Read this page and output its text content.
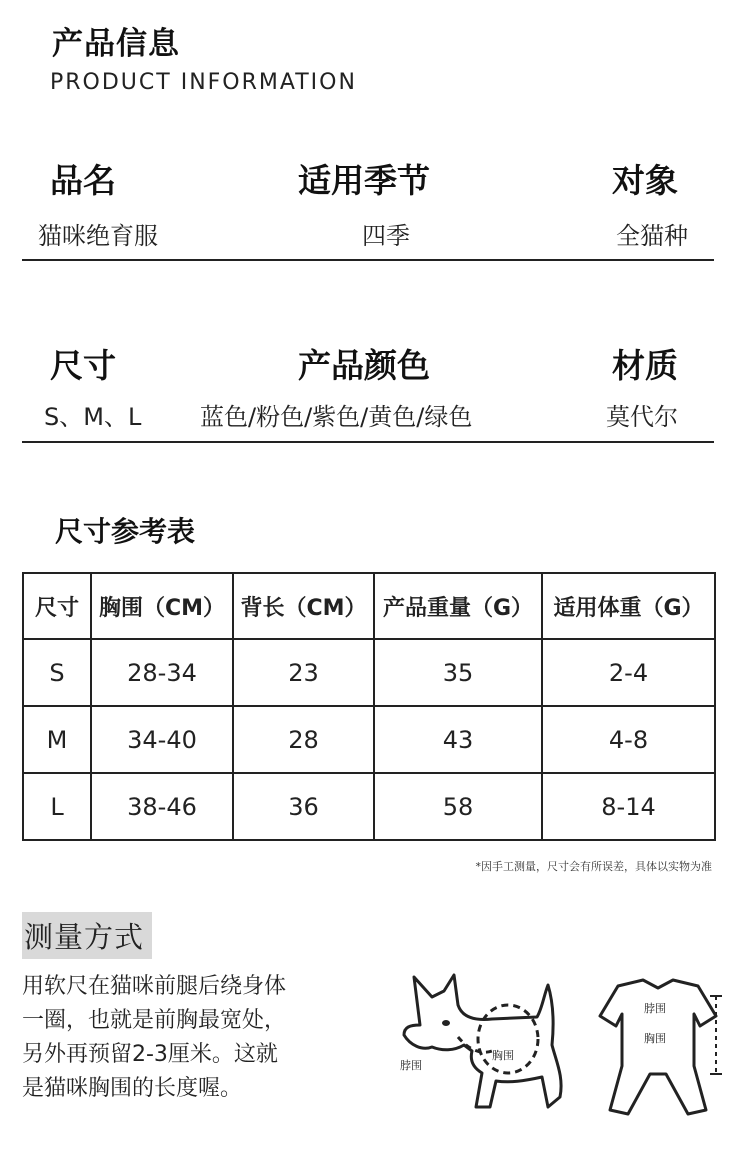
产品信息
PRODUCT INFORMATION
品名	适用季节	对象
猫咪绝育服	四季	全猫种
尺寸	产品颜色	材质
S、M、L 蓝色/粉色/紫色/黄色/绿色	莫代尔
尺寸参考表
尺寸	胸围（CM）	背长（CM）	产品重量（G）	适用体重（G）
S	28-34	23	35	2-4
M	34-40	28	43	4-8
L	38-46	36	58	8-14
*因手工测量，尺寸会有所误差，具体以实物为准
测量方式
用软尺在猫咪前腿后绕身体
一圈，也就是前胸最宽处，
另外再预留2-3厘米。这就
是猫咪胸围的长度喔。
脖围
胸围
脖围
胸围
